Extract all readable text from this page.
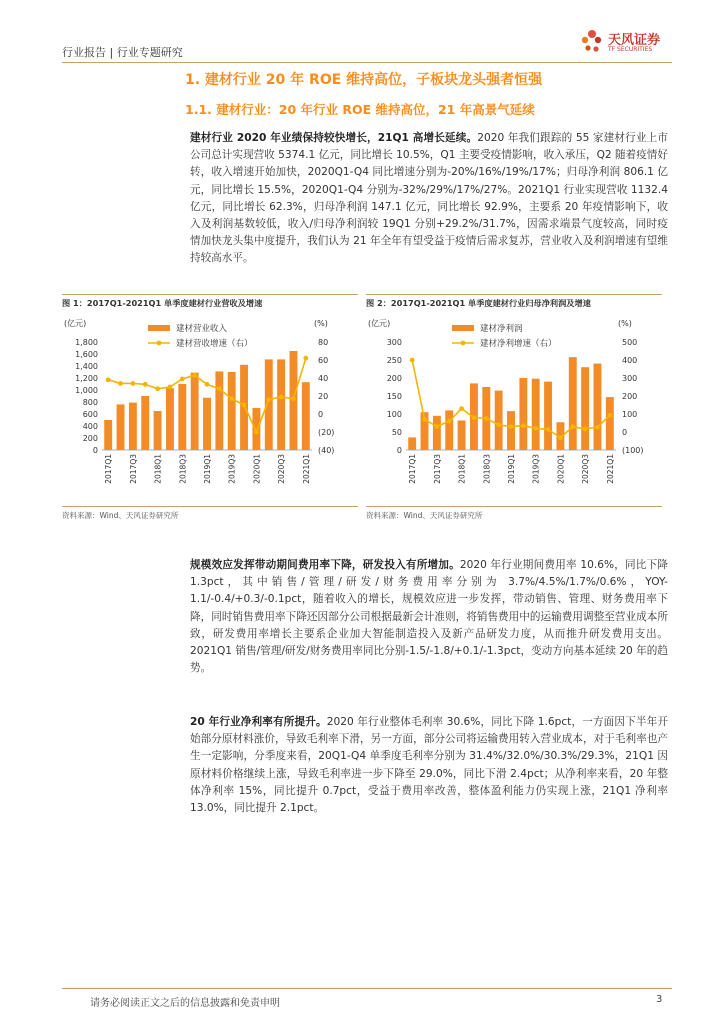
行业报告 | 行业专题研究
天风证券
TF SECURITIES
1. 建材行业 20 年 ROE 维持高位，子板块龙头强者恒强
1.1. 建材行业：20 年行业 ROE 维持高位，21 年高景气延续
建材行业 2020 年业绩保持较快增长，21Q1 高增长延续。2020 年我们跟踪的 55 家建材行业上市公司总计实现营收 5374.1 亿元，同比增长 10.5%，Q1 主要受疫情影响，收入承压，Q2 随着疫情好转，收入增速开始加快，2020Q1-Q4 同比增速分别为-20%/16%/19%/17%；归母净利润 806.1 亿元，同比增长 15.5%，2020Q1-Q4 分别为-32%/29%/17%/27%。2021Q1 行业实现营收 1132.4 亿元，同比增长 62.3%，归母净利润 147.1 亿元，同比增长 92.9%，主要系 20 年疫情影响下，收入及利润基数较低，收入/归母净利润较 19Q1 分别+29.2%/31.7%，因需求端景气度较高，同时疫情加快龙头集中度提升，我们认为 21 年全年有望受益于疫情后需求复苏，营业收入及利润增速有望维持较高水平。
图 1：2017Q1-2021Q1 单季度建材行业营收及增速
(亿元)	(%)
1,800
1,600
1,400
1,200
1,000
800
600
400
200
0
80
60
40
20
0
(20)
(40)
2017Q1 2017Q3 2018Q1 2018Q3 2019Q1 2019Q3 2020Q1 2020Q3 2021Q1
建材营业收入
建材营收增速（右）
资料来源：Wind、天风证券研究所
图 2：2017Q1-2021Q1 单季度建材行业归母净利润及增速
(亿元)	(%)
300
250
200
150
100
50
0
500
400
300
200
100
0
(100)
2017Q1 2017Q3 2018Q1 2018Q3 2019Q1 2019Q3 2020Q1 2020Q3 2021Q1
建材净利润
建材净利增速（右）
资料来源：Wind、天风证券研究所
规模效应发挥带动期间费用率下降，研发投入有所增加。2020 年行业期间费用率 10.6%，同比下降 1.3pct，其中销售/管理/研发/财务费用率分别为 3.7%/4.5%/1.7%/0.6%，YOY-1.1/-0.4/+0.3/-0.1pct，随着收入的增长，规模效应进一步发挥，带动销售、管理、财务费用率下降，同时销售费用率下降还因部分公司根据最新会计准则，将销售费用中的运输费用调整至营业成本所致，研发费用率增长主要系企业加大智能制造投入及新产品研发力度，从而推升研发费用支出。2021Q1 销售/管理/研发/财务费用率同比分别-1.5/-1.8/+0.1/-1.3pct，变动方向基本延续 20 年的趋势。
20 年行业净利率有所提升。2020 年行业整体毛利率 30.6%，同比下降 1.6pct，一方面因下半年开始部分原材料涨价，导致毛利率下滑，另一方面，部分公司将运输费用转入营业成本，对于毛利率也产生一定影响，分季度来看，20Q1-Q4 单季度毛利率分别为 31.4%/32.0%/30.3%/29.3%，21Q1 因原材料价格继续上涨，导致毛利率进一步下降至 29.0%，同比下滑 2.4pct；从净利率来看，20 年整体净利率 15%，同比提升 0.7pct，受益于费用率改善，整体盈利能力仍实现上涨，21Q1 净利率 13.0%，同比提升 2.1pct。
请务必阅读正文之后的信息披露和免责申明	3
